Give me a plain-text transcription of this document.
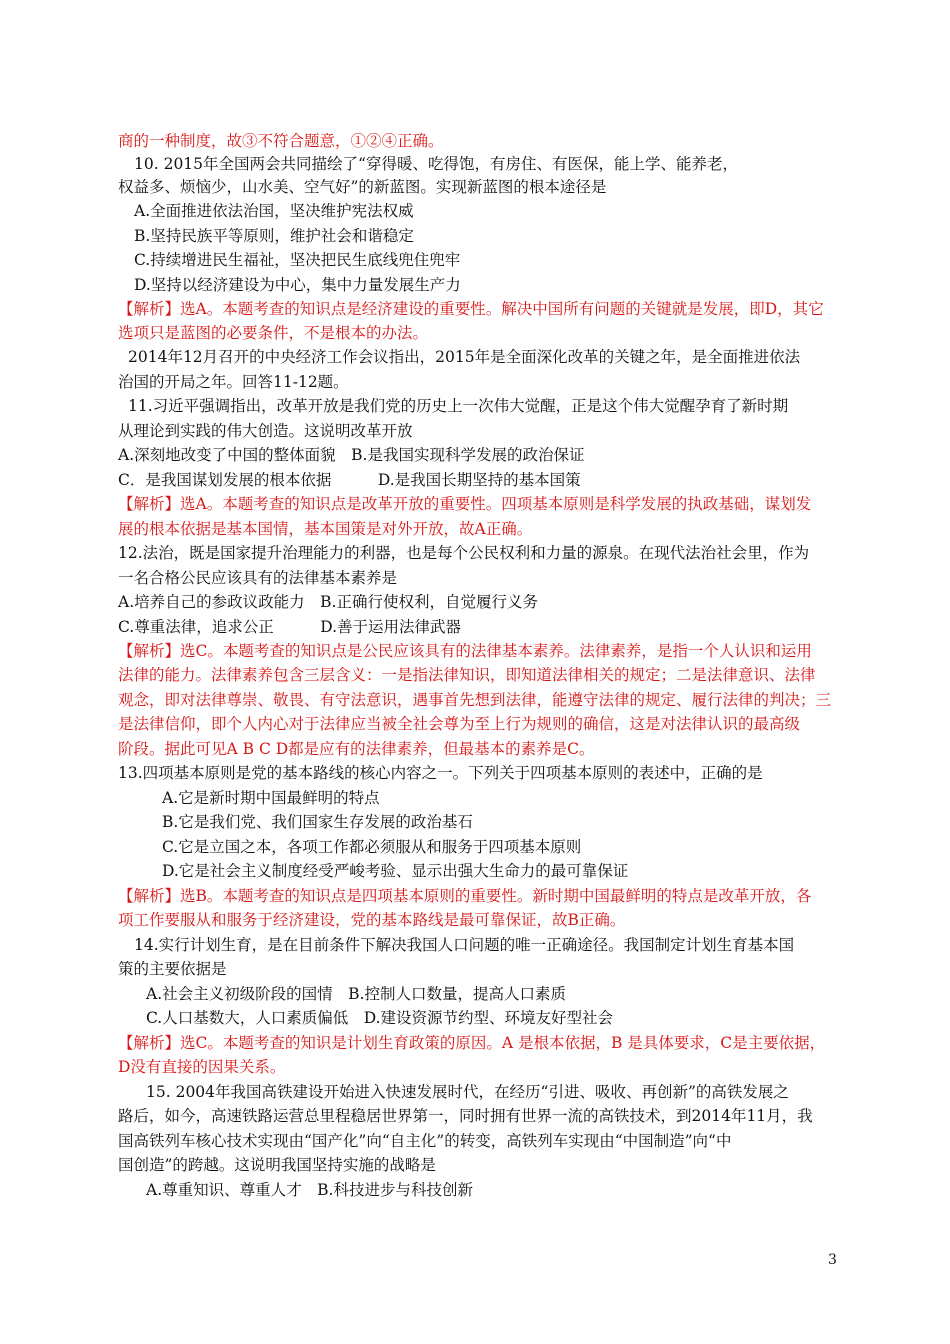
商的一种制度，故③不符合题意，①②④正确。
10. 2015年全国两会共同描绘了“穿得暖、吃得饱，有房住、有医保，能上学、能养老，
权益多、烦恼少，山水美、空气好”的新蓝图。实现新蓝图的根本途径是
A.全面推进依法治国，坚决维护宪法权威
B.坚持民族平等原则，维护社会和谐稳定
C.持续增进民生福祉，坚决把民生底线兜住兜牢
D.坚持以经济建设为中心，集中力量发展生产力
【解析】选A。本题考查的知识点是经济建设的重要性。解决中国所有问题的关键就是发展，即D，其它
选项只是蓝图的必要条件，不是根本的办法。
2014年12月召开的中央经济工作会议指出，2015年是全面深化改革的关键之年，是全面推进依法
治国的开局之年。回答11-12题。
11.习近平强调指出，改革开放是我们党的历史上一次伟大觉醒，正是这个伟大觉醒孕育了新时期
从理论到实践的伟大创造。这说明改革开放
A.深刻地改变了中国的整体面貌　B.是我国实现科学发展的政治保证
C．是我国谋划发展的根本依据　　　D.是我国长期坚持的基本国策
【解析】选A。本题考查的知识点是改革开放的重要性。四项基本原则是科学发展的执政基础，谋划发
展的根本依据是基本国情，基本国策是对外开放，故A正确。
12.法治，既是国家提升治理能力的利器，也是每个公民权利和力量的源泉。在现代法治社会里，作为
一名合格公民应该具有的法律基本素养是
A.培养自己的参政议政能力　B.正确行使权利，自觉履行义务
C.尊重法律，追求公正　　　D.善于运用法律武器
【解析】选C。本题考查的知识点是公民应该具有的法律基本素养。法律素养，是指一个人认识和运用
法律的能力。法律素养包含三层含义：一是指法律知识，即知道法律相关的规定；二是法律意识、法律
观念，即对法律尊崇、敬畏、有守法意识，遇事首先想到法律，能遵守法律的规定、履行法律的判决；三
是法律信仰，即个人内心对于法律应当被全社会尊为至上行为规则的确信，这是对法律认识的最高级
阶段。据此可见A B C D都是应有的法律素养，但最基本的素养是C。
13.四项基本原则是党的基本路线的核心内容之一。下列关于四项基本原则的表述中，正确的是
A.它是新时期中国最鲜明的特点
B.它是我们党、我们国家生存发展的政治基石
C.它是立国之本，各项工作都必须服从和服务于四项基本原则
D.它是社会主义制度经受严峻考验、显示出强大生命力的最可靠保证
【解析】选B。本题考查的知识点是四项基本原则的重要性。新时期中国最鲜明的特点是改革开放，各
项工作要服从和服务于经济建设，党的基本路线是最可靠保证，故B正确。
14.实行计划生育，是在目前条件下解决我国人口问题的唯一正确途径。我国制定计划生育基本国
策的主要依据是
A.社会主义初级阶段的国情　B.控制人口数量，提高人口素质
C.人口基数大，人口素质偏低　D.建设资源节约型、环境友好型社会
【解析】选C。本题考查的知识是计划生育政策的原因。A 是根本依据，B 是具体要求，C是主要依据，
D没有直接的因果关系。
15. 2004年我国高铁建设开始进入快速发展时代，在经历“引进、吸收、再创新”的高铁发展之
路后，如今，高速铁路运营总里程稳居世界第一，同时拥有世界一流的高铁技术，到2014年11月，我
国高铁列车核心技术实现由“国产化”向“自主化”的转变，高铁列车实现由“中国制造”向“中
国创造”的跨越。这说明我国坚持实施的战略是
A.尊重知识、尊重人才　B.科技进步与科技创新
3
